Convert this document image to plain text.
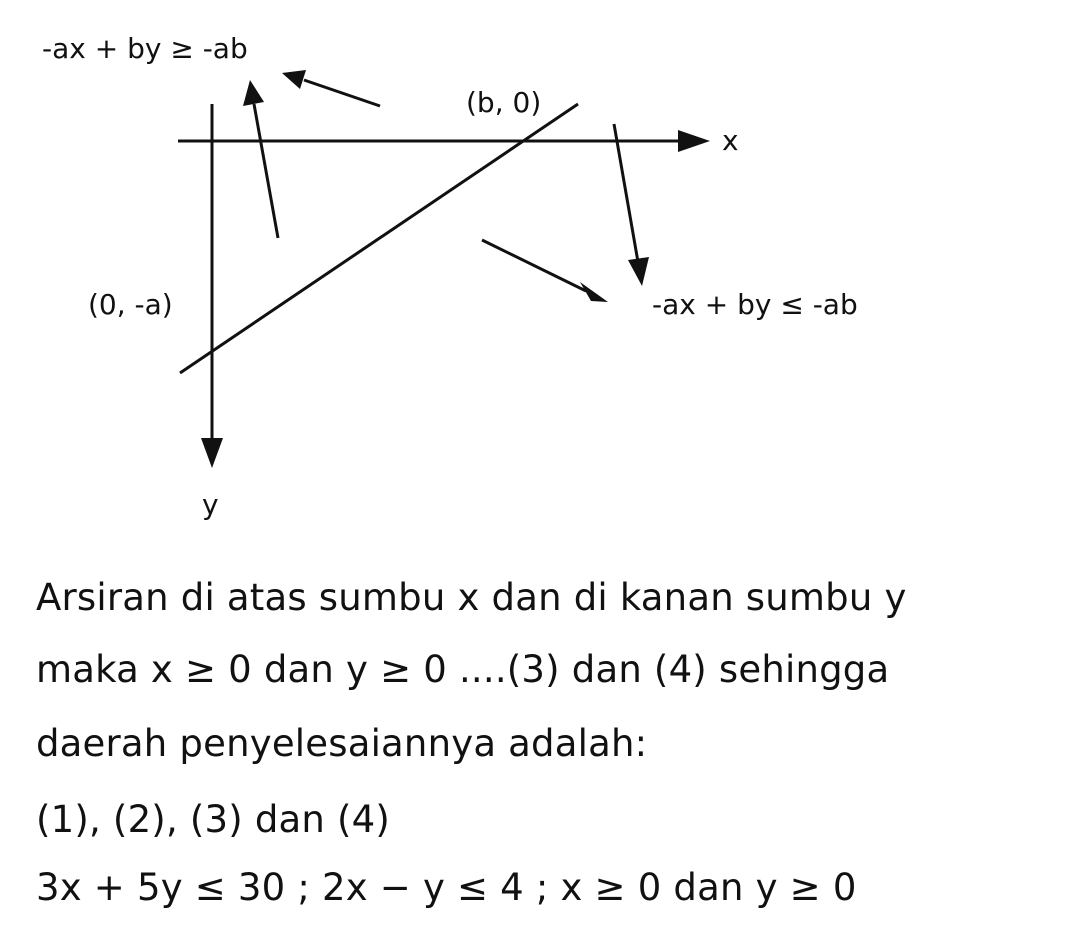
x
y
-ax + by ≥ -ab
(b, 0)
(0, -a)	-ax + by ≤ -ab
Arsiran di atas sumbu x dan di kanan sumbu y
maka x ≥ 0 dan y ≥ 0 ....(3) dan (4) sehingga
daerah penyelesaiannya adalah:
(1), (2), (3) dan (4)
3x + 5y ≤ 30 ; 2x − y ≤ 4 ; x ≥ 0 dan y ≥ 0
